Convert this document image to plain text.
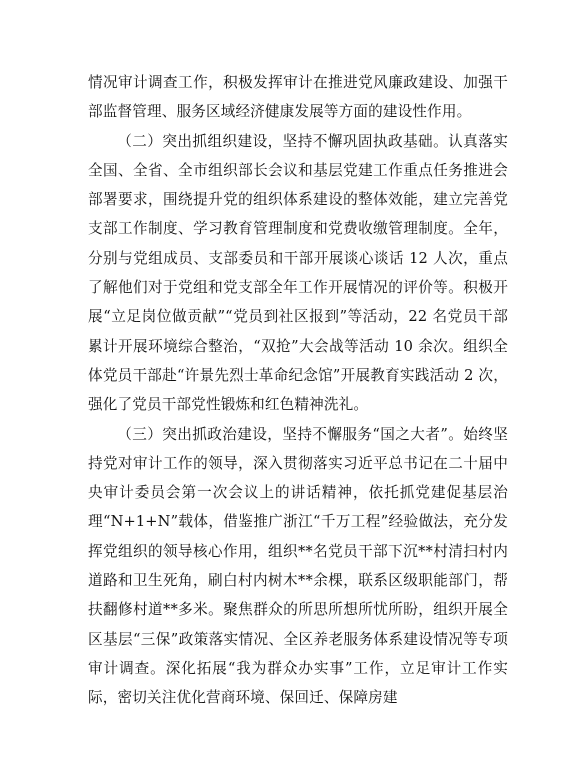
情况审计调查工作，积极发挥审计在推进党风廉政建设、加强干部监督管理、服务区域经济健康发展等方面的建设性作用。

（二）突出抓组织建设，坚持不懈巩固执政基础。认真落实全国、全省、全市组织部长会议和基层党建工作重点任务推进会部署要求，围绕提升党的组织体系建设的整体效能，建立完善党支部工作制度、学习教育管理制度和党费收缴管理制度。全年，分别与党组成员、支部委员和干部开展谈心谈话 12 人次，重点了解他们对于党组和党支部全年工作开展情况的评价等。积极开展“立足岗位做贡献”“党员到社区报到”等活动，22 名党员干部累计开展环境综合整治，“双抢”大会战等活动 10 余次。组织全体党员干部赴“许景先烈士革命纪念馆”开展教育实践活动 2 次，强化了党员干部党性锻炼和红色精神洗礼。

（三）突出抓政治建设，坚持不懈服务“国之大者”。始终坚持党对审计工作的领导，深入贯彻落实习近平总书记在二十届中央审计委员会第一次会议上的讲话精神，依托抓党建促基层治理“N+1+N”载体，借鉴推广浙江“千万工程”经验做法，充分发挥党组织的领导核心作用，组织**名党员干部下沉**村清扫村内道路和卫生死角，刷白村内树木**余棵，联系区级职能部门，帮扶翻修村道**多米。聚焦群众的所思所想所忧所盼，组织开展全区基层“三保”政策落实情况、全区养老服务体系建设情况等专项审计调查。深化拓展“我为群众办实事”工作，立足审计工作实际，密切关注优化营商环境、保回迁、保障房建
